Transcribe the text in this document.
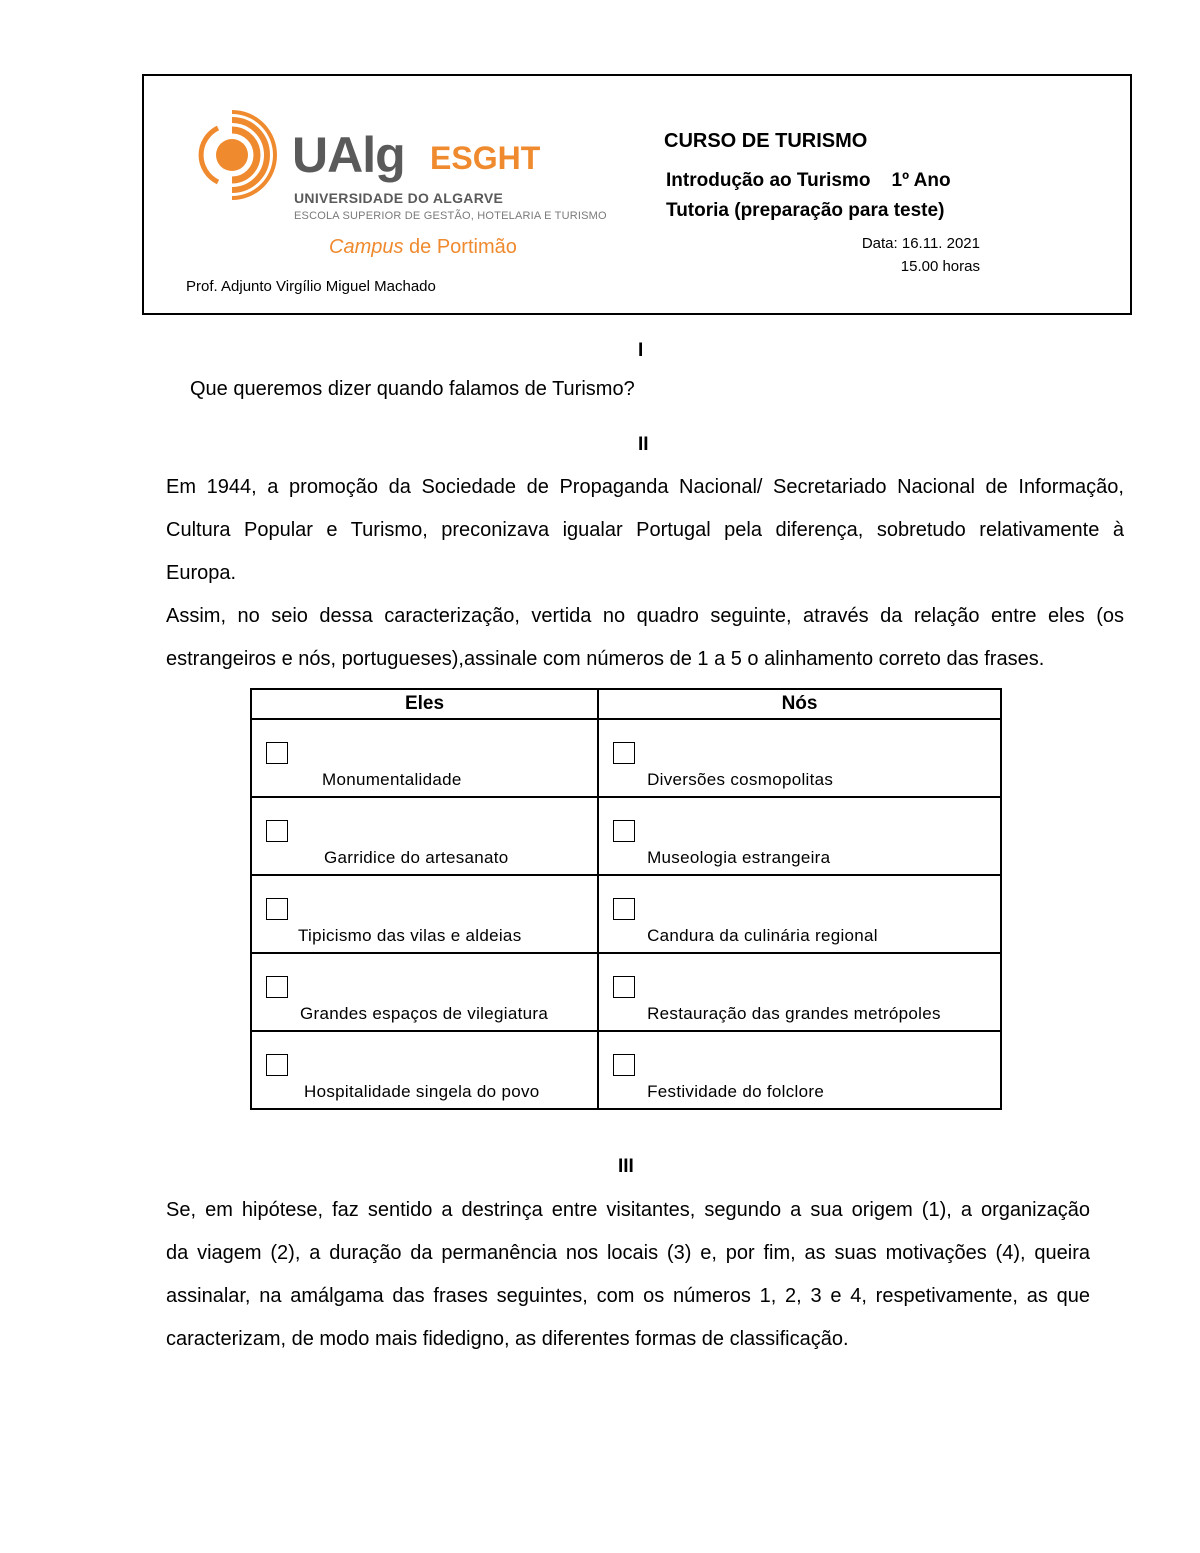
UAlg ESGHT
UNIVERSIDADE DO ALGARVE
ESCOLA SUPERIOR DE GESTÃO, HOTELARIA E TURISMO
Campus de Portimão
Prof. Adjunto Virgílio Miguel Machado
CURSO DE TURISMO
Introdução ao Turismo    1º Ano
Tutoria (preparação para teste)
Data: 16.11. 2021
15.00 horas
I
Que queremos dizer quando falamos de Turismo?
II
Em 1944, a promoção da Sociedade de Propaganda Nacional/ Secretariado Nacional de Informação,
Cultura Popular e Turismo, preconizava igualar Portugal pela diferença, sobretudo relativamente à
Europa.
Assim, no seio dessa caracterização, vertida no quadro seguinte, através da relação entre eles (os
estrangeiros e nós, portugueses),assinale com números de 1 a 5 o alinhamento correto das frases.
Eles	Nós

Monumentalidade	Diversões cosmopolitas

Garridice do artesanato	Museologia estrangeira

Tipicismo das vilas e aldeias	Candura da culinária regional

Grandes espaços de vilegiatura	Restauração das grandes metrópoles

Hospitalidade singela do povo	Festividade do folclore
III
Se, em hipótese, faz sentido a destrinça entre visitantes, segundo a sua origem (1), a organização
da viagem (2), a duração da permanência nos locais (3) e, por fim, as suas motivações (4), queira
assinalar, na amálgama das frases seguintes, com os números 1, 2, 3 e 4, respetivamente, as que
caracterizam, de modo mais fidedigno, as diferentes formas de classificação.
